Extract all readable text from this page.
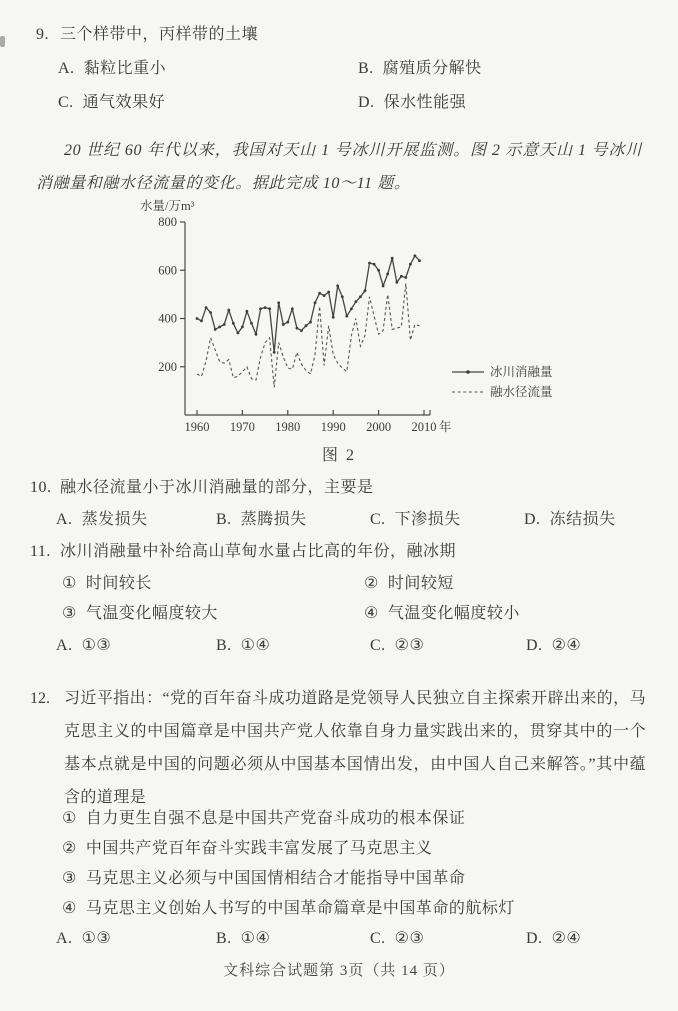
9. 三个样带中，丙样带的土壤
A. 黏粒比重小	B. 腐殖质分解快
C. 通气效果好	D. 保水性能强
20 世纪 60 年代以来，我国对天山 1 号冰川开展监测。图 2 示意天山 1 号冰川消融量和融水径流量的变化。据此完成 10～11 题。
200
400
600
800
1960 1970 1980 1990 2000 2010 年
水量/万m³
冰川消融量
融水径流量
图 2
10. 融水径流量小于冰川消融量的部分，主要是
A. 蒸发损失	B. 蒸腾损失	C. 下渗损失	D. 冻结损失
11. 冰川消融量中补给高山草甸水量占比高的年份，融冰期
① 时间较长	② 时间较短
③ 气温变化幅度较大	④ 气温变化幅度较小
A. ①③	B. ①④	C. ②③	D. ②④
12. 习近平指出：“党的百年奋斗成功道路是党领导人民独立自主探索开辟出来的，马克思主义的中国篇章是中国共产党人依靠自身力量实践出来的，贯穿其中的一个基本点就是中国的问题必须从中国基本国情出发，由中国人自己来解答。”其中蕴含的道理是
① 自力更生自强不息是中国共产党奋斗成功的根本保证
② 中国共产党百年奋斗实践丰富发展了马克思主义
③ 马克思主义必须与中国国情相结合才能指导中国革命
④ 马克思主义创始人书写的中国革命篇章是中国革命的航标灯
A. ①③	B. ①④	C. ②③	D. ②④
文科综合试题第 3页（共 14 页）
